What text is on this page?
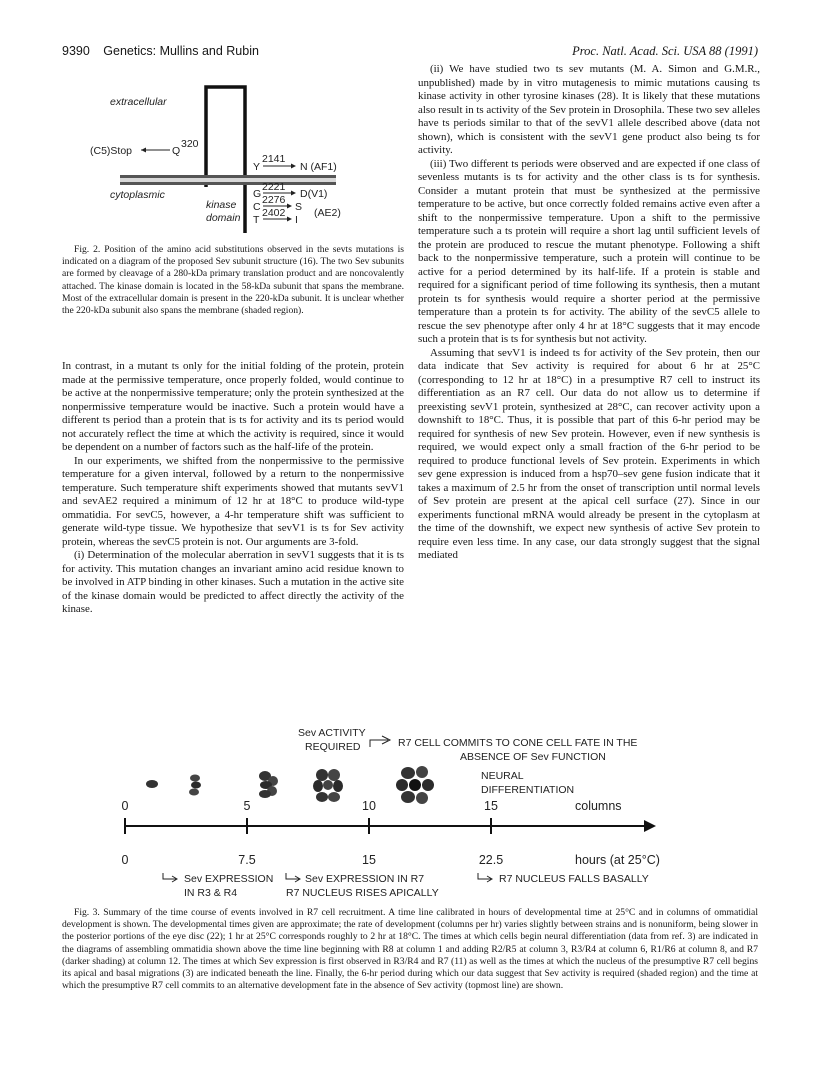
9390 Genetics: Mullins and Rubin	Proc. Natl. Acad. Sci. USA 88 (1991)
extracellular
cytoplasmic
kinase
domain
(C5)Stop	Q
320
Y
2141
N (AF1)
G
2221
D(V1)
C
2276
S
T
2402
I
(AE2)

Fig. 2. Position of the amino acid substitutions observed in the sevts mutations is indicated on a diagram of the proposed Sev subunit structure (16). The two Sev subunits are formed by cleavage of a 280-kDa primary translation product and are noncovalently attached. The kinase domain is located in the 58-kDa subunit that spans the membrane. Most of the extracellular domain is present in the 220-kDa subunit. It is unclear whether the 220-kDa subunit also spans the membrane (shaded region).

In contrast, in a mutant ts only for the initial folding of the protein, protein made at the permissive temperature, once properly folded, would continue to be active at the nonpermissive temperature; only the protein synthesized at the nonpermissive temperature would be inactive. Such a protein would have a different ts period than a protein that is ts for activity and its ts period would not accurately reflect the time at which the activity is required, since it would be dependent on a number of factors such as the half-life of the protein.

In our experiments, we shifted from the nonpermissive to the permissive temperature for a given interval, followed by a return to the nonpermissive temperature. Such temperature shift experiments showed that mutants sevV1 and sevAE2 required a minimum of 12 hr at 18°C to produce wild-type ommatidia. For sevC5, however, a 4-hr temperature shift was sufficient to generate wild-type tissue. We hypothesize that sevV1 is ts for Sev activity protein, whereas the sevC5 protein is not. Our arguments are 3-fold.

(i) Determination of the molecular aberration in sevV1 suggests that it is ts for activity. This mutation changes an invariant amino acid residue known to be involved in ATP binding in other kinases. Such a mutation in the active site of the kinase domain would be predicted to affect directly the activity of the kinase.

(ii) We have studied two ts sev mutants (M. A. Simon and G.M.R., unpublished) made by in vitro mutagenesis to mimic mutations causing ts kinase activity in other tyrosine kinases (28). It is likely that these mutations also result in ts activity of the Sev protein in Drosophila. These two sev alleles have ts periods similar to that of the sevV1 allele described above (data not shown), which is consistent with the sevV1 gene product also being ts for activity.

(iii) Two different ts periods were observed and are expected if one class of sevenless mutants is ts for activity and the other class is ts for synthesis. Consider a mutant protein that must be synthesized at the permissive temperature to be active, but once correctly folded remains active even after a shift to the nonpermissive temperature. Upon a shift to the permissive temperature such a ts protein will require a short lag until sufficient levels of the protein are produced to rescue the mutant phenotype. Following a shift back to the nonpermissive temperature, such a protein will continue to be active for a period determined by its half-life. If a protein is stable and required for a significant period of time following its synthesis, then a mutant protein ts for synthesis would require a shorter period at the permissive temperature than a protein ts for activity. The ability of the sevC5 allele to rescue the sev phenotype after only 4 hr at 18°C suggests that it may encode such a protein that is ts for synthesis but not activity.

Assuming that sevV1 is indeed ts for activity of the Sev protein, then our data indicate that Sev activity is required for about 6 hr at 25°C (corresponding to 12 hr at 18°C) in a presumptive R7 cell to instruct its differentiation as an R7 cell. Our data do not allow us to determine if preexisting sevV1 protein, synthesized at 28°C, can recover activity upon a downshift to 18°C. Thus, it is possible that part of this 6-hr period may be required for synthesis of new Sev protein. However, even if new synthesis is required, we would expect only a small fraction of the 6-hr period to be required to produce functional levels of Sev protein. Experiments in which sev gene expression is induced from a hsp70–sev gene fusion indicate that it takes a maximum of 2.5 hr from the onset of transcription until normal levels of Sev protein are present at the apical cell surface (27). Since in our experiments functional mRNA would already be present in the cytoplasm at the time of the downshift, we expect new synthesis of active Sev protein to require even less time. In any case, our data strongly suggest that the signal mediated

Sev ACTIVITY
REQUIRED	R7 CELL COMMITS TO CONE CELL FATE IN THE
ABSENCE OF Sev FUNCTION
NEURAL
DIFFERENTIATION
0	5	10	15	columns
0	7.5	15	22.5	hours (at 25°C)
Sev EXPRESSION
IN R3 & R4
Sev EXPRESSION IN R7
R7 NUCLEUS RISES APICALLY
R7 NUCLEUS FALLS BASALLY

Fig. 3. Summary of the time course of events involved in R7 cell recruitment. A time line calibrated in hours of developmental time at 25°C and in columns of ommatidial development is shown. The developmental times given are approximate; the rate of development (columns per hr) varies slightly between strains and is nonuniform, being slower in the posterior portions of the eye disc (22); 1 hr at 25°C corresponds roughly to 2 hr at 18°C. The times at which cells begin neural differentiation (data from ref. 3) are indicated in the diagrams of assembling ommatidia shown above the time line beginning with R8 at column 1 and adding R2/R5 at column 3, R3/R4 at column 6, R1/R6 at column 8, and R7 (darker shading) at column 12. The times at which Sev expression is first observed in R3/R4 and R7 (11) as well as the times at which the nucleus of the presumptive R7 cell begins its apical and basal migrations (3) are indicated beneath the line. Finally, the 6-hr period during which our data suggest that Sev activity is required (shaded region) and the time at which the presumptive R7 cell commits to an alternative development fate in the absence of Sev activity (topmost line) are shown.
